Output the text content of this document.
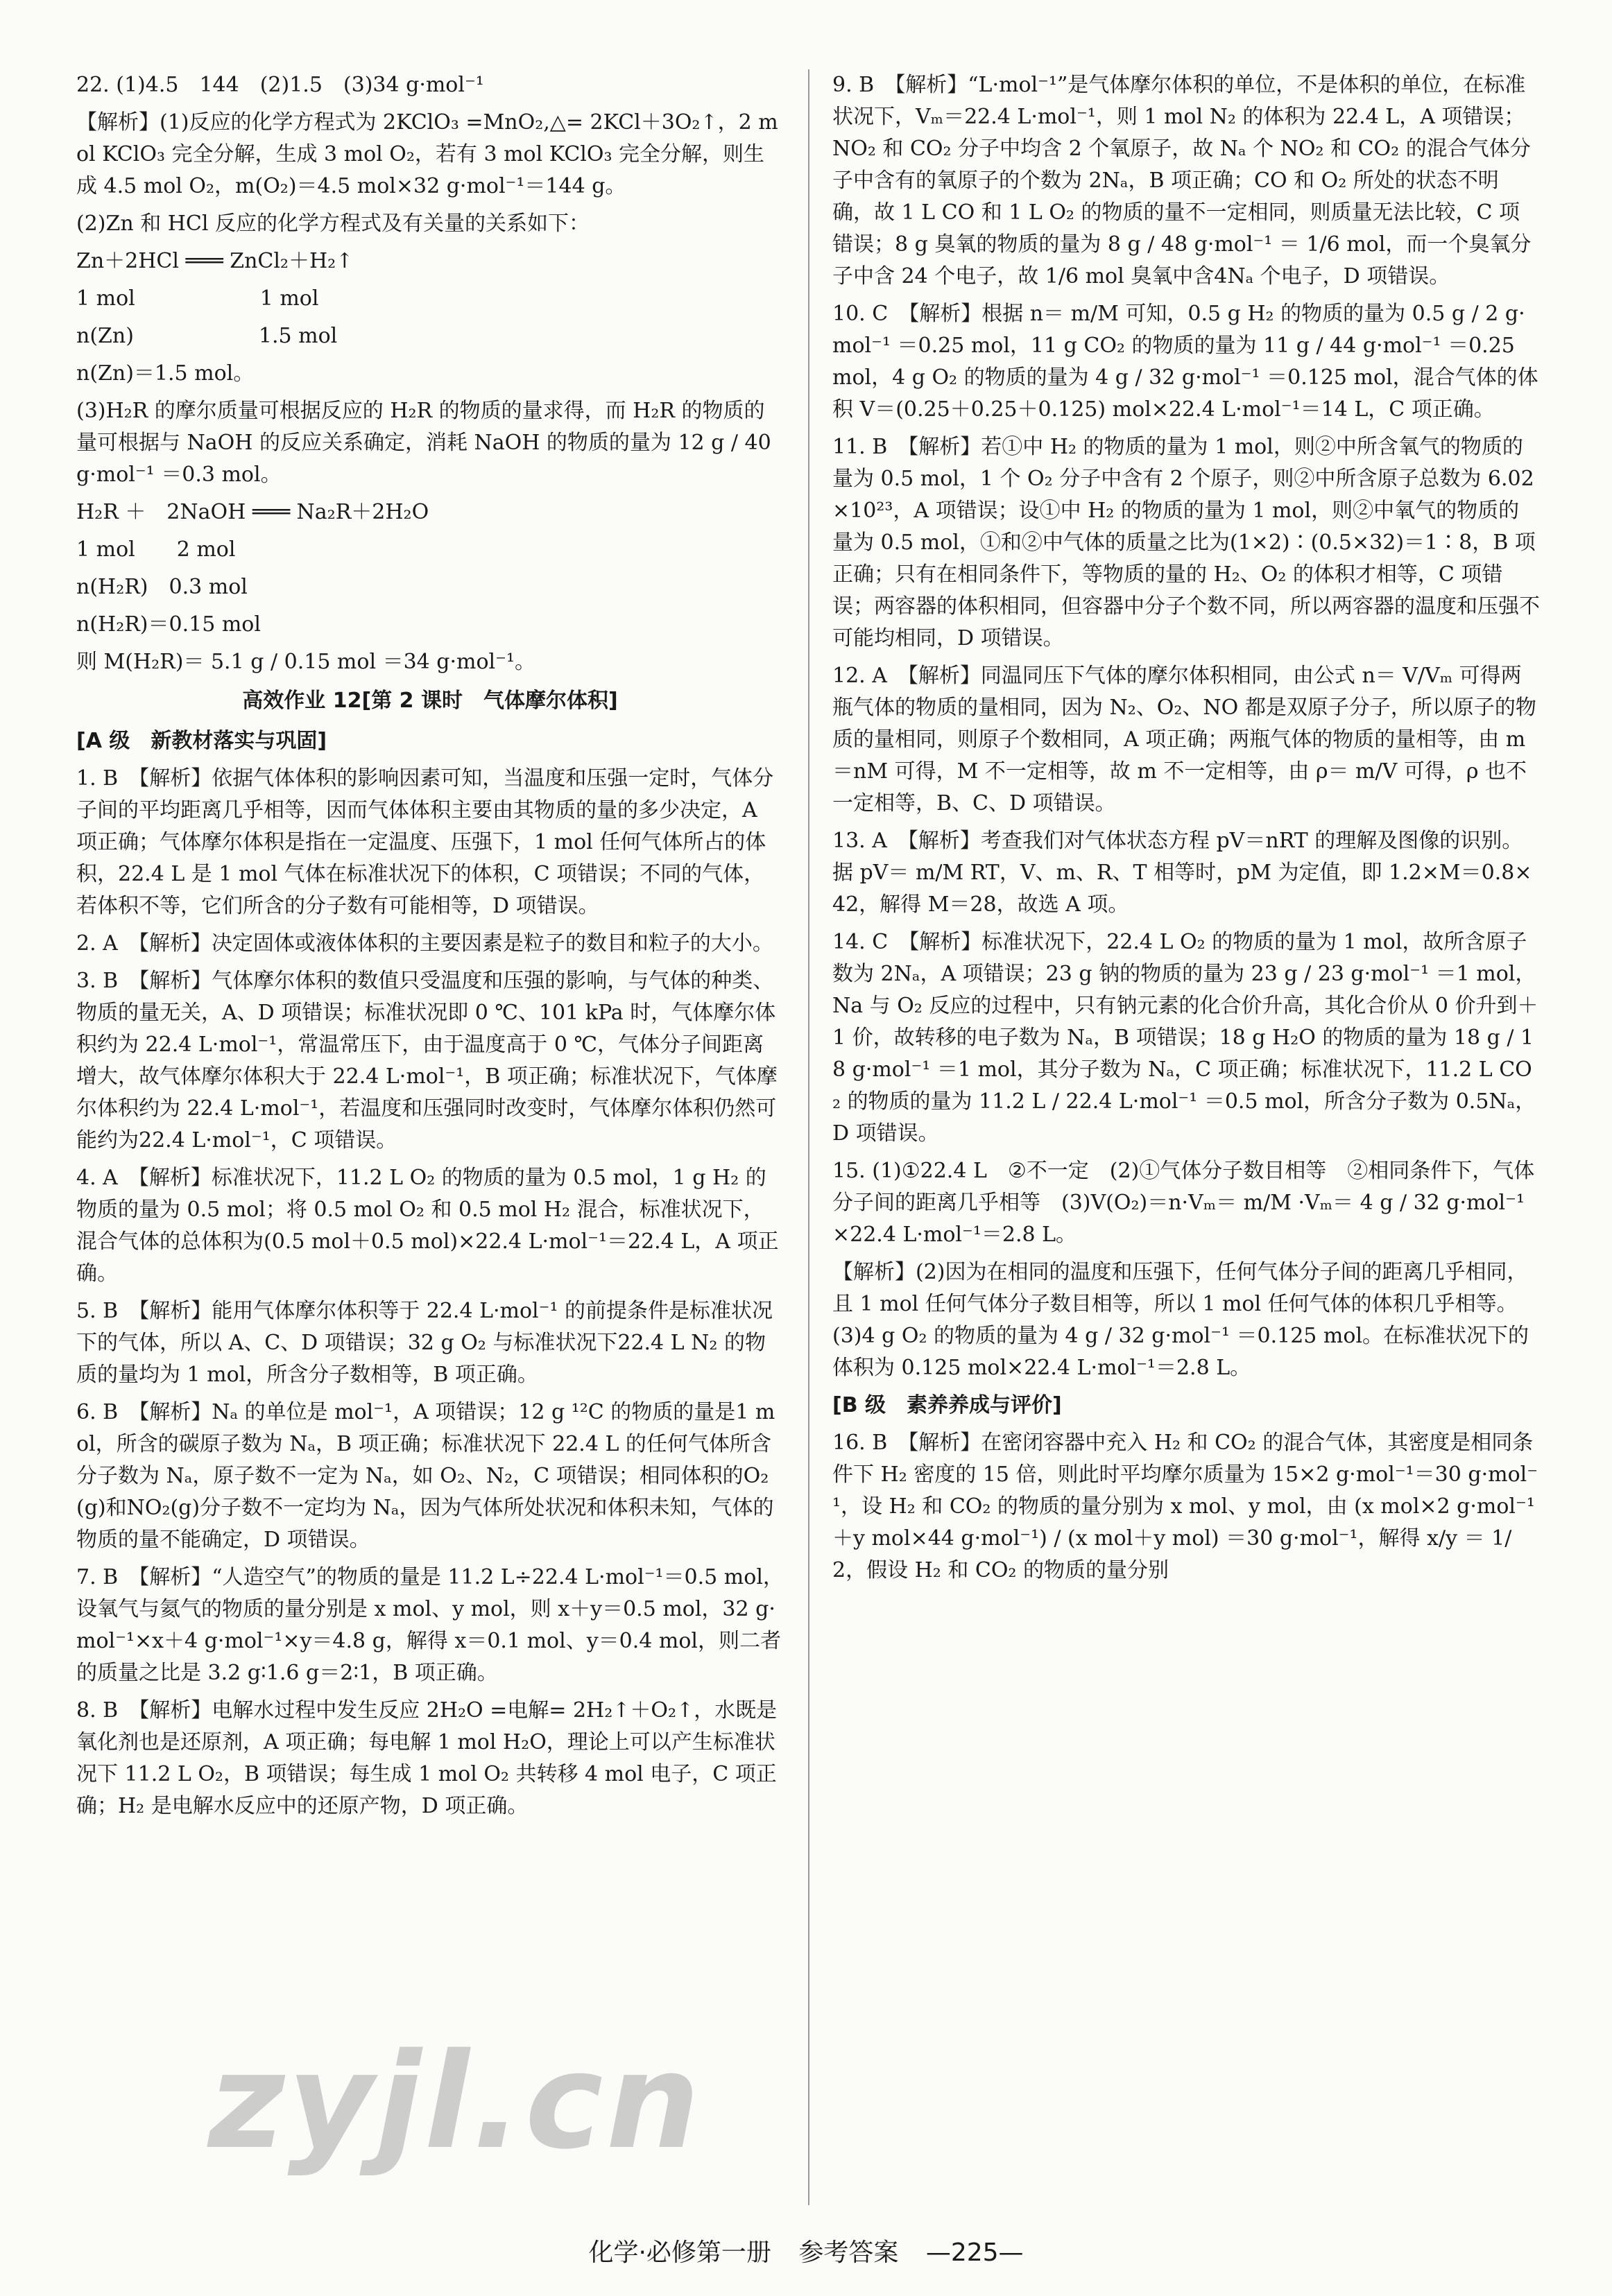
22. (1)4.5　144　(2)1.5　(3)34 g·mol⁻¹

【解析】(1)反应的化学方程式为 2KClO₃ =MnO₂,△= 2KCl＋3O₂↑，2 mol KClO₃ 完全分解，生成 3 mol O₂，若有 3 mol KClO₃ 完全分解，则生成 4.5 mol O₂，m(O₂)＝4.5 mol×32 g·mol⁻¹＝144 g。

(2)Zn 和 HCl 反应的化学方程式及有关量的关系如下：

Zn＋2HCl ═══ ZnCl₂＋H₂↑

1 mol　　　　　　1 mol

n(Zn)　　　　　　1.5 mol

n(Zn)＝1.5 mol。

(3)H₂R 的摩尔质量可根据反应的 H₂R 的物质的量求得，而 H₂R 的物质的量可根据与 NaOH 的反应关系确定，消耗 NaOH 的物质的量为 12 g / 40 g·mol⁻¹ ＝0.3 mol。

H₂R ＋　2NaOH ═══ Na₂R＋2H₂O

1 mol　　2 mol

n(H₂R)　0.3 mol

n(H₂R)＝0.15 mol

则 M(H₂R)＝ 5.1 g / 0.15 mol ＝34 g·mol⁻¹。

高效作业 12[第 2 课时　气体摩尔体积]

[A 级　新教材落实与巩固]

1. B　【解析】依据气体体积的影响因素可知，当温度和压强一定时，气体分子间的平均距离几乎相等，因而气体体积主要由其物质的量的多少决定，A 项正确；气体摩尔体积是指在一定温度、压强下，1 mol 任何气体所占的体积，22.4 L 是 1 mol 气体在标准状况下的体积，C 项错误；不同的气体，若体积不等，它们所含的分子数有可能相等，D 项错误。

2. A　【解析】决定固体或液体体积的主要因素是粒子的数目和粒子的大小。

3. B　【解析】气体摩尔体积的数值只受温度和压强的影响，与气体的种类、物质的量无关，A、D 项错误；标准状况即 0 ℃、101 kPa 时，气体摩尔体积约为 22.4 L·mol⁻¹，常温常压下，由于温度高于 0 ℃，气体分子间距离增大，故气体摩尔体积大于 22.4 L·mol⁻¹，B 项正确；标准状况下，气体摩尔体积约为 22.4 L·mol⁻¹，若温度和压强同时改变时，气体摩尔体积仍然可能约为22.4 L·mol⁻¹，C 项错误。

4. A　【解析】标准状况下，11.2 L O₂ 的物质的量为 0.5 mol，1 g H₂ 的物质的量为 0.5 mol；将 0.5 mol O₂ 和 0.5 mol H₂ 混合，标准状况下，混合气体的总体积为(0.5 mol＋0.5 mol)×22.4 L·mol⁻¹＝22.4 L，A 项正确。

5. B　【解析】能用气体摩尔体积等于 22.4 L·mol⁻¹ 的前提条件是标准状况下的气体，所以 A、C、D 项错误；32 g O₂ 与标准状况下22.4 L N₂ 的物质的量均为 1 mol，所含分子数相等，B 项正确。

6. B　【解析】Nₐ 的单位是 mol⁻¹，A 项错误；12 g ¹²C 的物质的量是1 mol，所含的碳原子数为 Nₐ，B 项正确；标准状况下 22.4 L 的任何气体所含分子数为 Nₐ，原子数不一定为 Nₐ，如 O₂、N₂，C 项错误；相同体积的O₂(g)和NO₂(g)分子数不一定均为 Nₐ，因为气体所处状况和体积未知，气体的物质的量不能确定，D 项错误。

7. B　【解析】“人造空气”的物质的量是 11.2 L÷22.4 L·mol⁻¹＝0.5 mol，设氧气与氦气的物质的量分别是 x mol、y mol，则 x＋y＝0.5 mol，32 g·mol⁻¹×x＋4 g·mol⁻¹×y＝4.8 g，解得 x＝0.1 mol、y＝0.4 mol，则二者的质量之比是 3.2 g∶1.6 g＝2∶1，B 项正确。

8. B　【解析】电解水过程中发生反应 2H₂O =电解= 2H₂↑＋O₂↑，水既是氧化剂也是还原剂，A 项正确；每电解 1 mol H₂O，理论上可以产生标准状况下 11.2 L O₂，B 项错误；每生成 1 mol O₂ 共转移 4 mol 电子，C 项正确；H₂ 是电解水反应中的还原产物，D 项正确。

9. B　【解析】“L·mol⁻¹”是气体摩尔体积的单位，不是体积的单位，在标准状况下，Vₘ＝22.4 L·mol⁻¹，则 1 mol N₂ 的体积为 22.4 L，A 项错误；NO₂ 和 CO₂ 分子中均含 2 个氧原子，故 Nₐ 个 NO₂ 和 CO₂ 的混合气体分子中含有的氧原子的个数为 2Nₐ，B 项正确；CO 和 O₂ 所处的状态不明确，故 1 L CO 和 1 L O₂ 的物质的量不一定相同，则质量无法比较，C 项错误；8 g 臭氧的物质的量为 8 g / 48 g·mol⁻¹ ＝ 1/6 mol，而一个臭氧分子中含 24 个电子，故 1/6 mol 臭氧中含4Nₐ 个电子，D 项错误。

10. C　【解析】根据 n＝ m/M 可知，0.5 g H₂ 的物质的量为 0.5 g / 2 g·mol⁻¹ ＝0.25 mol，11 g CO₂ 的物质的量为 11 g / 44 g·mol⁻¹ ＝0.25 mol，4 g O₂ 的物质的量为 4 g / 32 g·mol⁻¹ ＝0.125 mol，混合气体的体积 V＝(0.25＋0.25＋0.125) mol×22.4 L·mol⁻¹＝14 L，C 项正确。

11. B　【解析】若①中 H₂ 的物质的量为 1 mol，则②中所含氧气的物质的量为 0.5 mol，1 个 O₂ 分子中含有 2 个原子，则②中所含原子总数为 6.02×10²³，A 项错误；设①中 H₂ 的物质的量为 1 mol，则②中氧气的物质的量为 0.5 mol，①和②中气体的质量之比为(1×2)∶(0.5×32)＝1∶8，B 项正确；只有在相同条件下，等物质的量的 H₂、O₂ 的体积才相等，C 项错误；两容器的体积相同，但容器中分子个数不同，所以两容器的温度和压强不可能均相同，D 项错误。

12. A　【解析】同温同压下气体的摩尔体积相同，由公式 n＝ V/Vₘ 可得两瓶气体的物质的量相同，因为 N₂、O₂、NO 都是双原子分子，所以原子的物质的量相同，则原子个数相同，A 项正确；两瓶气体的物质的量相等，由 m＝nM 可得，M 不一定相等，故 m 不一定相等，由 ρ＝ m/V 可得，ρ 也不一定相等，B、C、D 项错误。

13. A　【解析】考查我们对气体状态方程 pV＝nRT 的理解及图像的识别。据 pV＝ m/M RT，V、m、R、T 相等时，pM 为定值，即 1.2×M＝0.8×42，解得 M＝28，故选 A 项。

14. C　【解析】标准状况下，22.4 L O₂ 的物质的量为 1 mol，故所含原子数为 2Nₐ，A 项错误；23 g 钠的物质的量为 23 g / 23 g·mol⁻¹ ＝1 mol，Na 与 O₂ 反应的过程中，只有钠元素的化合价升高，其化合价从 0 价升到＋1 价，故转移的电子数为 Nₐ，B 项错误；18 g H₂O 的物质的量为 18 g / 18 g·mol⁻¹ ＝1 mol，其分子数为 Nₐ，C 项正确；标准状况下，11.2 L CO₂ 的物质的量为 11.2 L / 22.4 L·mol⁻¹ ＝0.5 mol，所含分子数为 0.5Nₐ，D 项错误。

15. (1)①22.4 L　②不一定　(2)①气体分子数目相等　②相同条件下，气体分子间的距离几乎相等　(3)V(O₂)＝n·Vₘ＝ m/M ·Vₘ＝ 4 g / 32 g·mol⁻¹ ×22.4 L·mol⁻¹＝2.8 L。

【解析】(2)因为在相同的温度和压强下，任何气体分子间的距离几乎相同，且 1 mol 任何气体分子数目相等，所以 1 mol 任何气体的体积几乎相等。(3)4 g O₂ 的物质的量为 4 g / 32 g·mol⁻¹ ＝0.125 mol。在标准状况下的体积为 0.125 mol×22.4 L·mol⁻¹＝2.8 L。

[B 级　素养养成与评价]

16. B　【解析】在密闭容器中充入 H₂ 和 CO₂ 的混合气体，其密度是相同条件下 H₂ 密度的 15 倍，则此时平均摩尔质量为 15×2 g·mol⁻¹＝30 g·mol⁻¹，设 H₂ 和 CO₂ 的物质的量分别为 x mol、y mol，由 (x mol×2 g·mol⁻¹＋y mol×44 g·mol⁻¹) / (x mol＋y mol) ＝30 g·mol⁻¹，解得 x/y ＝ 1/2，假设 H₂ 和 CO₂ 的物质的量分别

zyjl.cn
化学·必修第一册 参考答案 —225—
